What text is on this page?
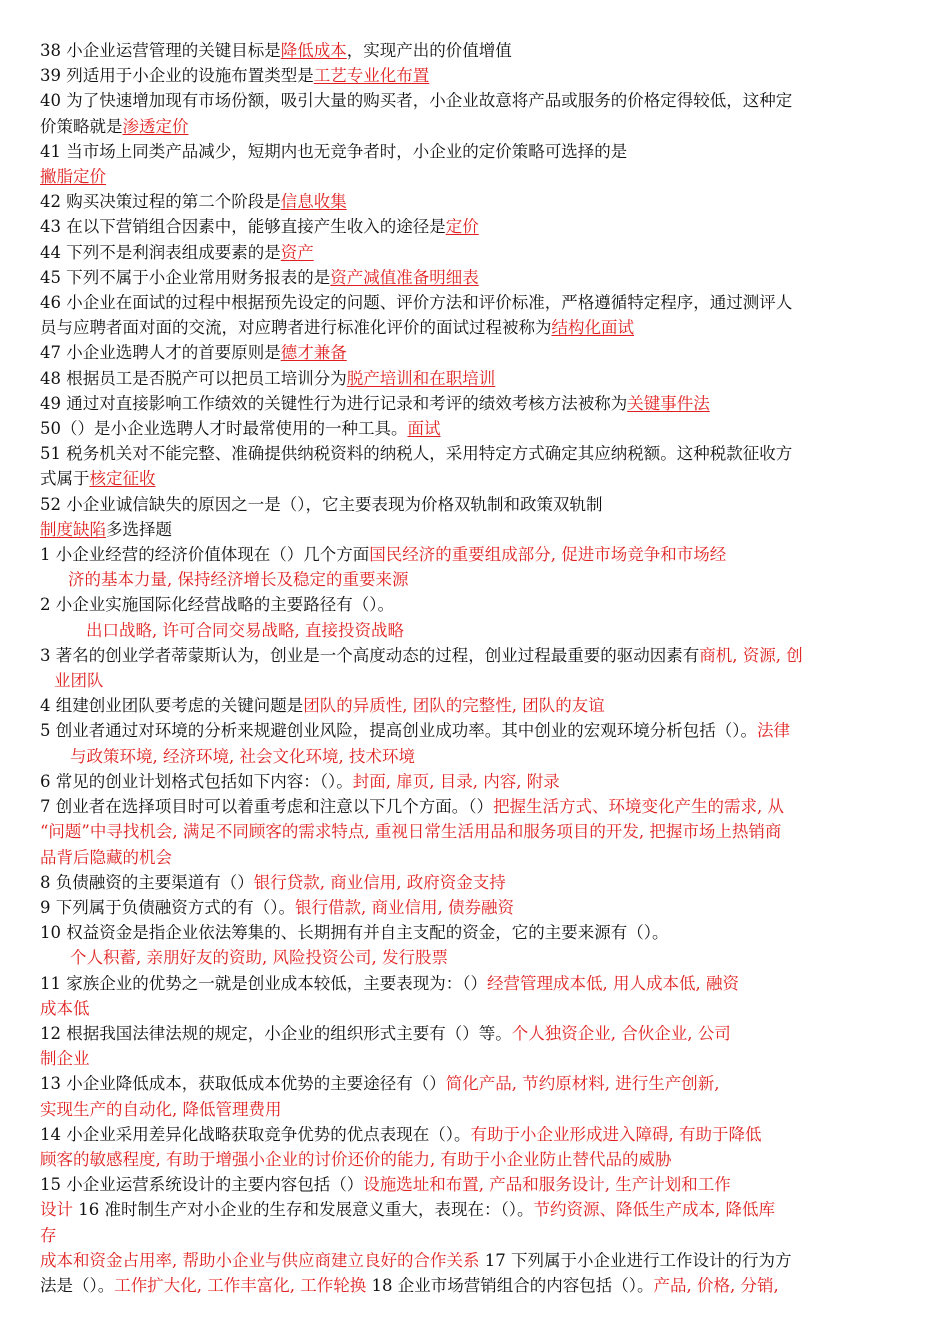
38 小企业运营管理的关键目标是降低成本，实现产出的价值增值
39 列适用于小企业的设施布置类型是工艺专业化布置
40 为了快速增加现有市场份额，吸引大量的购买者，小企业故意将产品或服务的价格定得较低，这种定
价策略就是渗透定价
41 当市场上同类产品减少，短期内也无竞争者时，小企业的定价策略可选择的是
撇脂定价
42 购买决策过程的第二个阶段是信息收集
43 在以下营销组合因素中，能够直接产生收入的途径是定价
44 下列不是利润表组成要素的是资产
45 下列不属于小企业常用财务报表的是资产减值准备明细表
46 小企业在面试的过程中根据预先设定的问题、评价方法和评价标准，严格遵循特定程序，通过测评人
员与应聘者面对面的交流，对应聘者进行标准化评价的面试过程被称为结构化面试
47 小企业选聘人才的首要原则是德才兼备
48 根据员工是否脱产可以把员工培训分为脱产培训和在职培训
49 通过对直接影响工作绩效的关键性行为进行记录和考评的绩效考核方法被称为关键事件法
50（）是小企业选聘人才时最常使用的一种工具。面试
51 税务机关对不能完整、准确提供纳税资料的纳税人，采用特定方式确定其应纳税额。这种税款征收方
式属于核定征收
52 小企业诚信缺失的原因之一是（），它主要表现为价格双轨制和政策双轨制
制度缺陷多选择题
1 小企业经营的经济价值体现在（）几个方面国民经济的重要组成部分, 促进市场竞争和市场经
济的基本力量, 保持经济增长及稳定的重要来源
2 小企业实施国际化经营战略的主要路径有（）。
出口战略, 许可合同交易战略, 直接投资战略
3 著名的创业学者蒂蒙斯认为，创业是一个高度动态的过程，创业过程最重要的驱动因素有商机, 资源, 创
业团队
4 组建创业团队要考虑的关键问题是团队的异质性, 团队的完整性, 团队的友谊
5 创业者通过对环境的分析来规避创业风险，提高创业成功率。其中创业的宏观环境分析包括（）。法律
与政策环境, 经济环境, 社会文化环境, 技术环境
6 常见的创业计划格式包括如下内容：（）。封面, 扉页, 目录, 内容, 附录
7 创业者在选择项目时可以着重考虑和注意以下几个方面。（）把握生活方式、环境变化产生的需求, 从
“问题”中寻找机会, 满足不同顾客的需求特点, 重视日常生活用品和服务项目的开发, 把握市场上热销商
品背后隐藏的机会
8 负债融资的主要渠道有（）银行贷款, 商业信用, 政府资金支持
9 下列属于负债融资方式的有（）。银行借款, 商业信用, 债券融资
10 权益资金是指企业依法筹集的、长期拥有并自主支配的资金，它的主要来源有（）。
个人积蓄, 亲朋好友的资助, 风险投资公司, 发行股票
11 家族企业的优势之一就是创业成本较低，主要表现为：（）经营管理成本低, 用人成本低, 融资
成本低
12 根据我国法律法规的规定，小企业的组织形式主要有（）等。个人独资企业, 合伙企业, 公司
制企业
13 小企业降低成本，获取低成本优势的主要途径有（）简化产品, 节约原材料, 进行生产创新,
实现生产的自动化, 降低管理费用
14 小企业采用差异化战略获取竞争优势的优点表现在（）。有助于小企业形成进入障碍, 有助于降低
顾客的敏感程度, 有助于增强小企业的讨价还价的能力, 有助于小企业防止替代品的威胁
15 小企业运营系统设计的主要内容包括（）设施选址和布置, 产品和服务设计, 生产计划和工作
设计 16 准时制生产对小企业的生存和发展意义重大，表现在：（）。节约资源、降低生产成本, 降低库
存
成本和资金占用率, 帮助小企业与供应商建立良好的合作关系 17 下列属于小企业进行工作设计的行为方
法是（）。工作扩大化, 工作丰富化, 工作轮换 18 企业市场营销组合的内容包括（）。产品, 价格, 分销,
